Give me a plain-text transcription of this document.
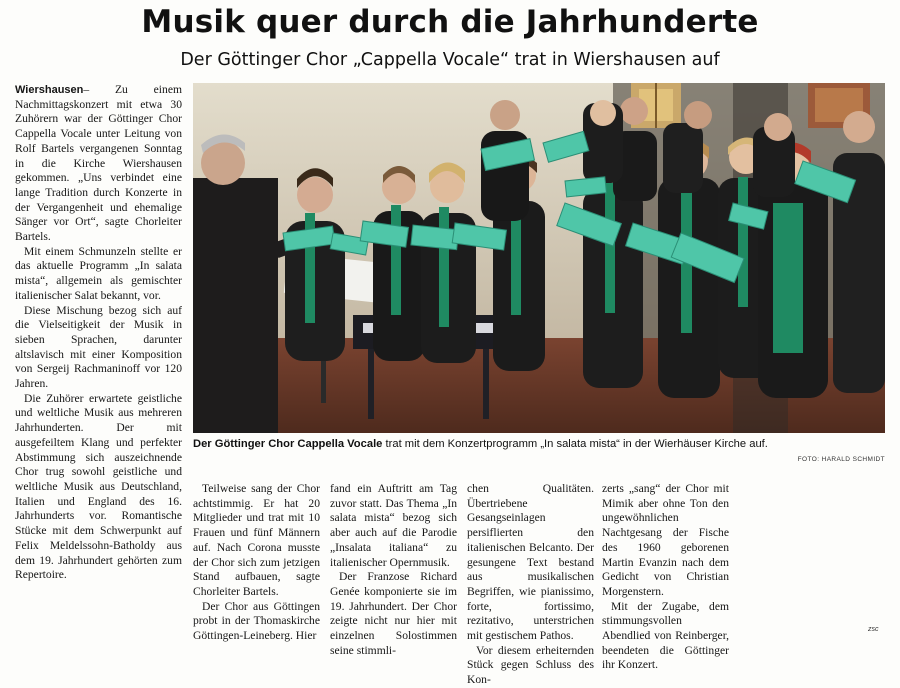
Musik quer durch die Jahrhunderte
Der Göttinger Chor „Cappella Vocale“ trat in Wiershausen auf

Wiershausen– Zu einem Nachmittagskonzert mit etwa 30 Zuhörern war der Göttinger Chor Cappella Vocale unter Leitung von Rolf Bartels vergangenen Sonntag in die Kirche Wiershausen gekommen. „Uns verbindet eine lange Tradition durch Konzerte in der Vergangenheit und ehemalige Sänger vor Ort“, sagte Chorleiter Bartels.

Mit einem Schmunzeln stellte er das aktuelle Programm „In salata mista“, allgemein als gemischter italienischer Salat bekannt, vor.

Diese Mischung bezog sich auf die Vielseitigkeit der Musik in sieben Sprachen, darunter altslavisch mit einer Komposition von Sergeij Rachmaninoff vor 120 Jahren.

Die Zuhörer erwartete geistliche und weltliche Musik aus mehreren Jahrhunderten. Der mit ausgefeiltem Klang und perfekter Abstimmung sich auszeichnende Chor trug sowohl geistliche und weltliche Musik aus Deutschland, Italien und England des 16. Jahrhunderts vor. Romantische Stücke mit dem Schwerpunkt auf Felix Meldelssohn-Batholdy aus dem 19. Jahrhundert gehörten zum Repertoire.

Der Göttinger Chor Cappella Vocale trat mit dem Konzertprogramm „In salata mista“ in der Wierhäuser Kirche auf.
FOTO: HARALD SCHMIDT

Teilweise sang der Chor achtstimmig. Er hat 20 Mitglieder und trat mit 10 Frauen und fünf Männern auf. Nach Corona musste der Chor sich zum jetzigen Stand aufbauen, sagte Chorleiter Bartels.

Der Chor aus Göttingen probt in der Thomaskirche Göttingen-Leineberg. Hier

fand ein Auftritt am Tag zuvor statt. Das Thema „In salata mista“ bezog sich aber auch auf die Parodie „Insalata italiana“ zu italienischer Opernmusik.

Der Franzose Richard Genée komponierte sie im 19. Jahrhundert. Der Chor zeigte nicht nur hier mit einzelnen Solostimmen seine stimmli-

chen Qualitäten. Übertriebene Gesangseinlagen persiflierten den italienischen Belcanto. Der gesungene Text bestand aus musikalischen Begriffen, wie pianissimo, forte, fortissimo, rezitativo, unterstrichen mit gestischem Pathos.

Vor diesem erheiternden Stück gegen Schluss des Kon-

zerts „sang“ der Chor mit Mimik aber ohne Ton den ungewöhnlichen Nachtgesang der Fische des 1960 geborenen Martin Evanzin nach dem Gedicht von Christian Morgenstern.

Mit der Zugabe, dem stimmungsvollen Abendlied von Reinberger, beendeten die Göttinger ihr Konzert.

zsc
